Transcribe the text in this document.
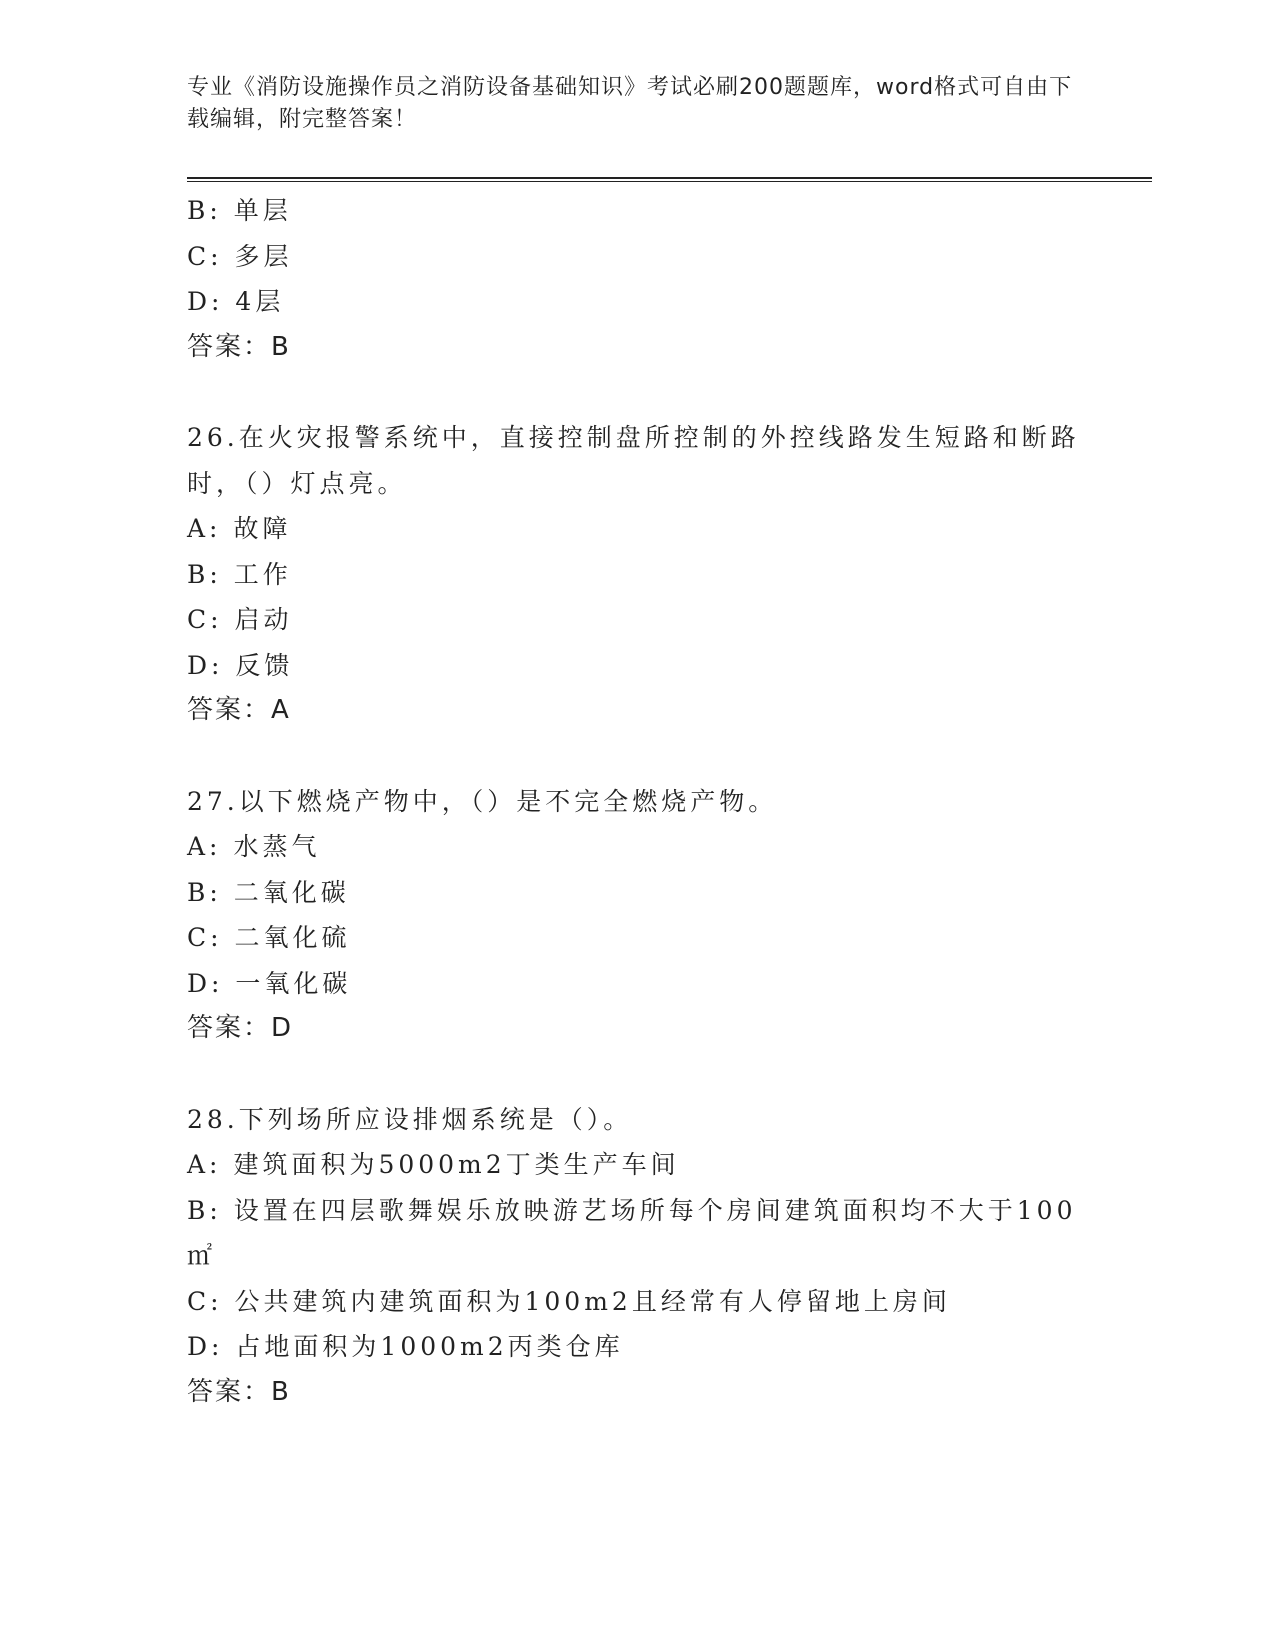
专业《消防设施操作员之消防设备基础知识》考试必刷200题题库，word格式可自由下载编辑，附完整答案！
B: 单层
C: 多层
D: 4层
答案：B
26.在火灾报警系统中，直接控制盘所控制的外控线路发生短路和断路时，（）灯点亮。
A: 故障
B: 工作
C: 启动
D: 反馈
答案：A
27.以下燃烧产物中，（）是不完全燃烧产物。
A: 水蒸气
B: 二氧化碳
C: 二氧化硫
D: 一氧化碳
答案：D
28.下列场所应设排烟系统是（）。
A: 建筑面积为5000m2丁类生产车间
B: 设置在四层歌舞娱乐放映游艺场所每个房间建筑面积均不大于100㎡
C: 公共建筑内建筑面积为100m2且经常有人停留地上房间
D: 占地面积为1000m2丙类仓库
答案：B
